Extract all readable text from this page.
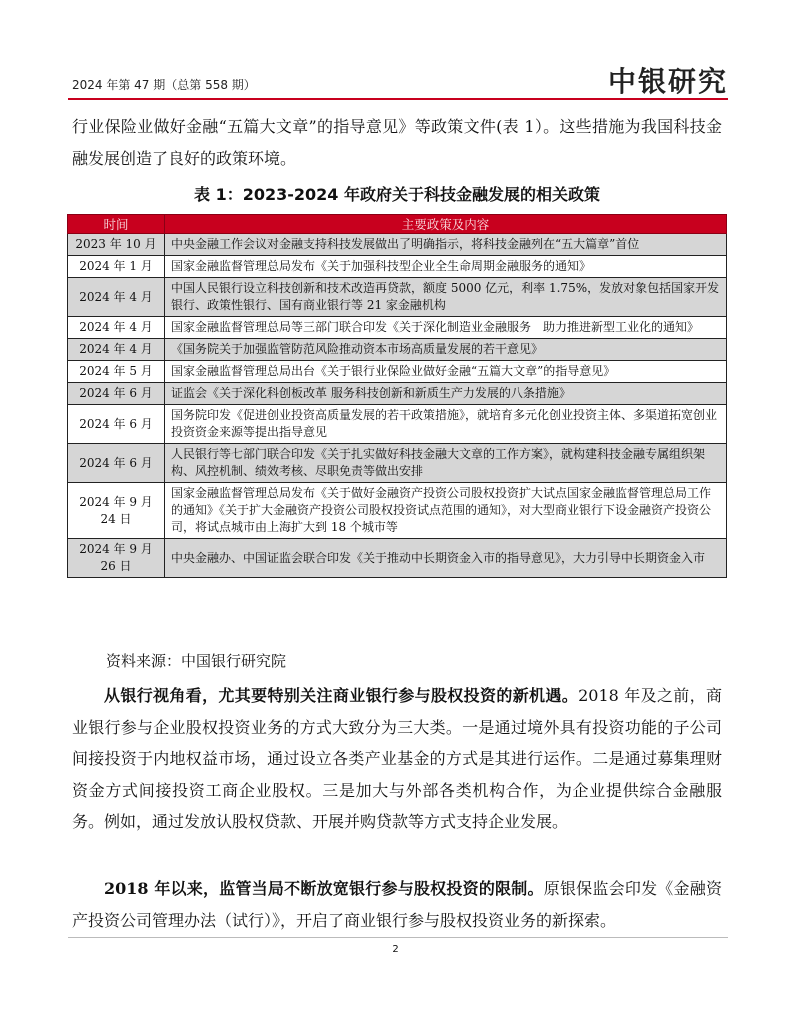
2024 年第 47 期（总第 558 期）	中银研究

行业保险业做好金融“五篇大文章”的指导意见》等政策文件(表 1）。这些措施为我国科技金融发展创造了良好的政策环境。

表 1：2023-2024 年政府关于科技金融发展的相关政策
时间	主要政策及内容
2023 年 10 月	中央金融工作会议对金融支持科技发展做出了明确指示，将科技金融列在“五大篇章”首位
2024 年 1 月	国家金融监督管理总局发布《关于加强科技型企业全生命周期金融服务的通知》
2024 年 4 月	中国人民银行设立科技创新和技术改造再贷款，额度 5000 亿元，利率 1.75%，发放对象包括国家开发银行、政策性银行、国有商业银行等 21 家金融机构
2024 年 4 月	国家金融监督管理总局等三部门联合印发《关于深化制造业金融服务　助力推进新型工业化的通知》
2024 年 4 月	《国务院关于加强监管防范风险推动资本市场高质量发展的若干意见》
2024 年 5 月	国家金融监督管理总局出台《关于银行业保险业做好金融“五篇大文章”的指导意见》
2024 年 6 月	证监会《关于深化科创板改革 服务科技创新和新质生产力发展的八条措施》
2024 年 6 月	国务院印发《促进创业投资高质量发展的若干政策措施》，就培育多元化创业投资主体、多渠道拓宽创业投资资金来源等提出指导意见
2024 年 6 月	人民银行等七部门联合印发《关于扎实做好科技金融大文章的工作方案》，就构建科技金融专属组织架构、风控机制、绩效考核、尽职免责等做出安排
2024 年 9 月 24 日	国家金融监督管理总局发布《关于做好金融资产投资公司股权投资扩大试点国家金融监督管理总局工作的通知》《关于扩大金融资产投资公司股权投资试点范围的通知》，对大型商业银行下设金融资产投资公司，将试点城市由上海扩大到 18 个城市等
2024 年 9 月 26 日	中央金融办、中国证监会联合印发《关于推动中长期资金入市的指导意见》，大力引导中长期资金入市
资料来源：中国银行研究院

从银行视角看，尤其要特别关注商业银行参与股权投资的新机遇。2018 年及之前，商业银行参与企业股权投资业务的方式大致分为三大类。一是通过境外具有投资功能的子公司间接投资于内地权益市场，通过设立各类产业基金的方式是其进行运作。二是通过募集理财资金方式间接投资工商企业股权。三是加大与外部各类机构合作，为企业提供综合金融服务。例如，通过发放认股权贷款、开展并购贷款等方式支持企业发展。

2018 年以来，监管当局不断放宽银行参与股权投资的限制。原银保监会印发《金融资产投资公司管理办法（试行）》，开启了商业银行参与股权投资业务的新探索。

2
